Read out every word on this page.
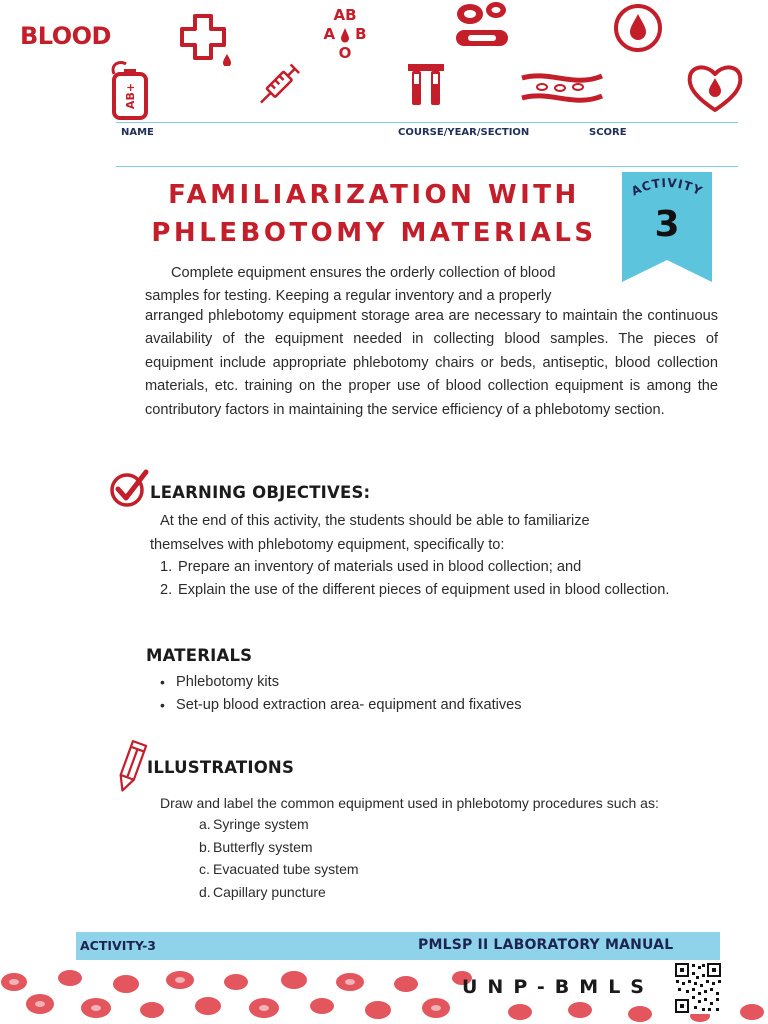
BLOOD
AB
A B
O
AB+
NAME	COURSE/YEAR/SECTION	SCORE
FAMILIARIZATION WITH
PHLEBOTOMY MATERIALS
ACTIVITY
3
Complete equipment ensures the orderly collection of blood
samples for testing. Keeping a regular inventory and a properly
arranged phlebotomy equipment storage area are necessary to maintain the continuous availability of the equipment needed in collecting blood samples. The pieces of equipment include appropriate phlebotomy chairs or beds, antiseptic, blood collection materials, etc. training on the proper use of blood collection equipment is among the contributory factors in maintaining the service efficiency of a phlebotomy section.
LEARNING OBJECTIVES:
At the end of this activity, the students should be able to familiarize
themselves with phlebotomy equipment, specifically to:
1. Prepare an inventory of materials used in blood collection; and
2. Explain the use of the different pieces of equipment used in blood collection.
MATERIALS
• Phlebotomy kits
• Set-up blood extraction area- equipment and fixatives
ILLUSTRATIONS
Draw and label the common equipment used in phlebotomy procedures such as:
a. Syringe system
b. Butterfly system
c. Evacuated tube system
d. Capillary puncture
ACTIVITY-3	PMLSP II LABORATORY MANUAL
UNP-BMLS
